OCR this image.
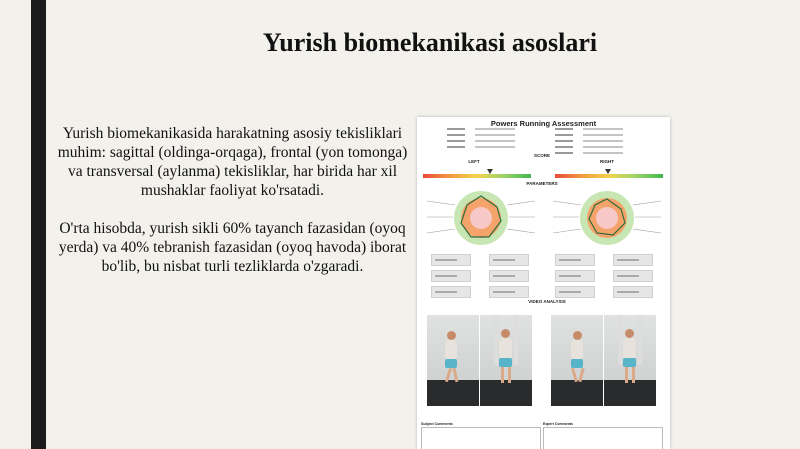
Yurish biomekanikasi asoslari

Yurish biomekanikasida harakatning asosiy tekisliklari muhim: sagittal (oldinga-orqaga), frontal (yon tomonga) va transversal (aylanma) tekisliklar, har birida har xil mushaklar faoliyat ko'rsatadi.

O'rta hisobda, yurish sikli 60% tayanch fazasidan (oyoq yerda) va 40% tebranish fazasidan (oyoq havoda) iborat bo'lib, bu nisbat turli tezliklarda o'zgaradi.

Powers Running Assessment
SCORE
LEFT	RIGHT
PARAMETERS
VIDEO ANALYSIS
Subject Comments	Expert Comments
